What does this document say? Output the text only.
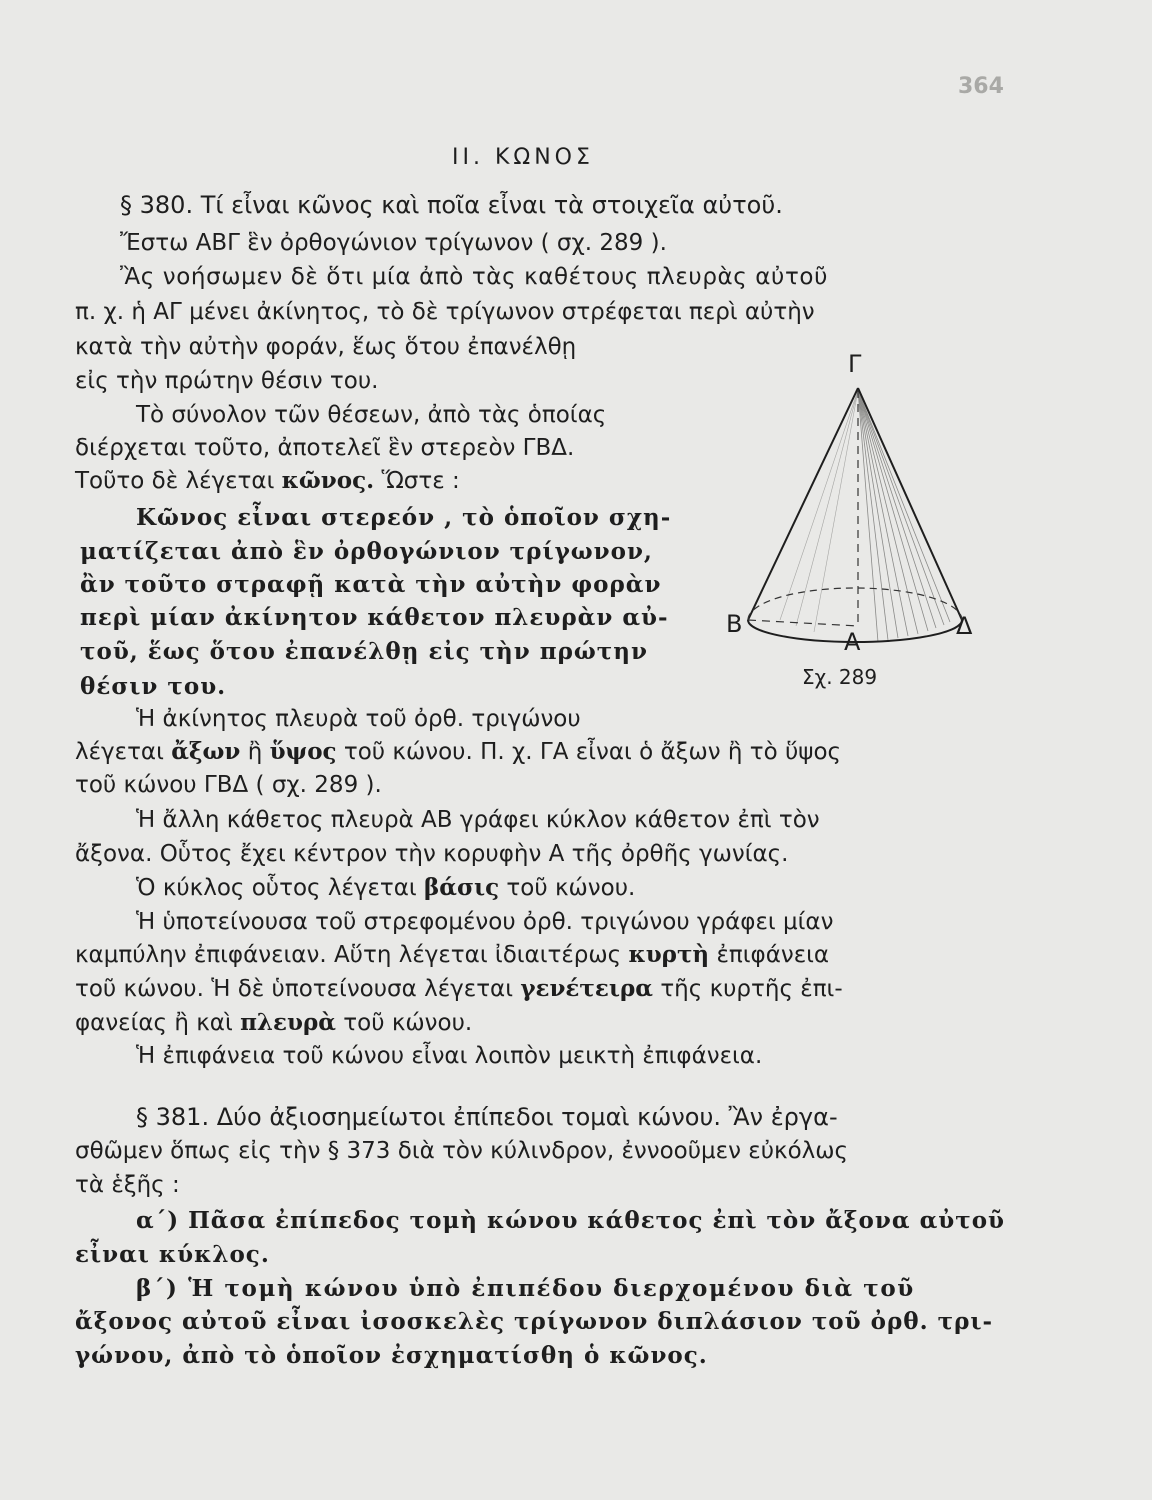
364
II. ΚΩΝΟΣ
§ 380. Τί εἶναι κῶνος καὶ ποῖα εἶναι τὰ στοιχεῖα αὐτοῦ.
Ἔστω ΑΒΓ ἓν ὀρθογώνιον τρίγωνον ( σχ. 289 ).
Ἂς νοήσωμεν δὲ ὅτι μία ἀπὸ τὰς καθέτους πλευρὰς αὐτοῦ
π. χ. ἡ ΑΓ μένει ἀκίνητος, τὸ δὲ τρίγωνον στρέφεται περὶ αὐτὴν
κατὰ τὴν αὐτὴν φοράν, ἕως ὅτου ἐπανέλθῃ
εἰς τὴν πρώτην θέσιν του.
Τὸ σύνολον τῶν θέσεων, ἀπὸ τὰς ὁποίας
διέρχεται τοῦτο, ἀποτελεῖ ἓν στερεὸν ΓΒΔ.
Τοῦτο δὲ λέγεται κῶνος. Ὥστε :
Κῶνος εἶναι στερεόν , τὸ ὁποῖον σχη-
ματίζεται ἀπὸ ἓν ὀρθογώνιον τρίγωνον,
ἂν τοῦτο στραφῇ κατὰ τὴν αὐτὴν φορὰν
περὶ μίαν ἀκίνητον κάθετον πλευρὰν αὐ-
τοῦ, ἕως ὅτου ἐπανέλθῃ εἰς τὴν πρώτην
θέσιν του.
Ἡ ἀκίνητος πλευρὰ τοῦ ὀρθ. τριγώνου
λέγεται ἄξων ἢ ὕψος τοῦ κώνου. Π. χ. ΓΑ εἶναι ὁ ἄξων ἢ τὸ ὕψος
τοῦ κώνου ΓΒΔ ( σχ. 289 ).
Ἡ ἄλλη κάθετος πλευρὰ ΑΒ γράφει κύκλον κάθετον ἐπὶ τὸν
ἄξονα. Οὗτος ἔχει κέντρον τὴν κορυφὴν Α τῆς ὀρθῆς γωνίας.
Ὁ κύκλος οὗτος λέγεται βάσις τοῦ κώνου.
Ἡ ὑποτείνουσα τοῦ στρεφομένου ὀρθ. τριγώνου γράφει μίαν
καμπύλην ἐπιφάνειαν. Αὕτη λέγεται ἰδιαιτέρως κυρτὴ ἐπιφάνεια
τοῦ κώνου. Ἡ δὲ ὑποτείνουσα λέγεται γενέτειρα τῆς κυρτῆς ἐπι-
φανείας ἢ καὶ πλευρὰ τοῦ κώνου.
Ἡ ἐπιφάνεια τοῦ κώνου εἶναι λοιπὸν μεικτὴ ἐπιφάνεια.
§ 381. Δύο ἀξιοσημείωτοι ἐπίπεδοι τομαὶ κώνου. Ἂν ἐργα-
σθῶμεν ὅπως εἰς τὴν § 373 διὰ τὸν κύλινδρον, ἐννοοῦμεν εὐκόλως
τὰ ἑξῆς :
α΄) Πᾶσα ἐπίπεδος τομὴ κώνου κάθετος ἐπὶ τὸν ἄξονα αὐτοῦ
εἶναι κύκλος.
β΄) Ἡ τομὴ κώνου ὑπὸ ἐπιπέδου διερχομένου διὰ τοῦ
ἄξονος αὐτοῦ εἶναι ἰσοσκελὲς τρίγωνον διπλάσιον τοῦ ὀρθ. τρι-
γώνου, ἀπὸ τὸ ὁποῖον ἐσχηματίσθη ὁ κῶνος.
Γ
Β
Α
Δ
Σχ. 289
